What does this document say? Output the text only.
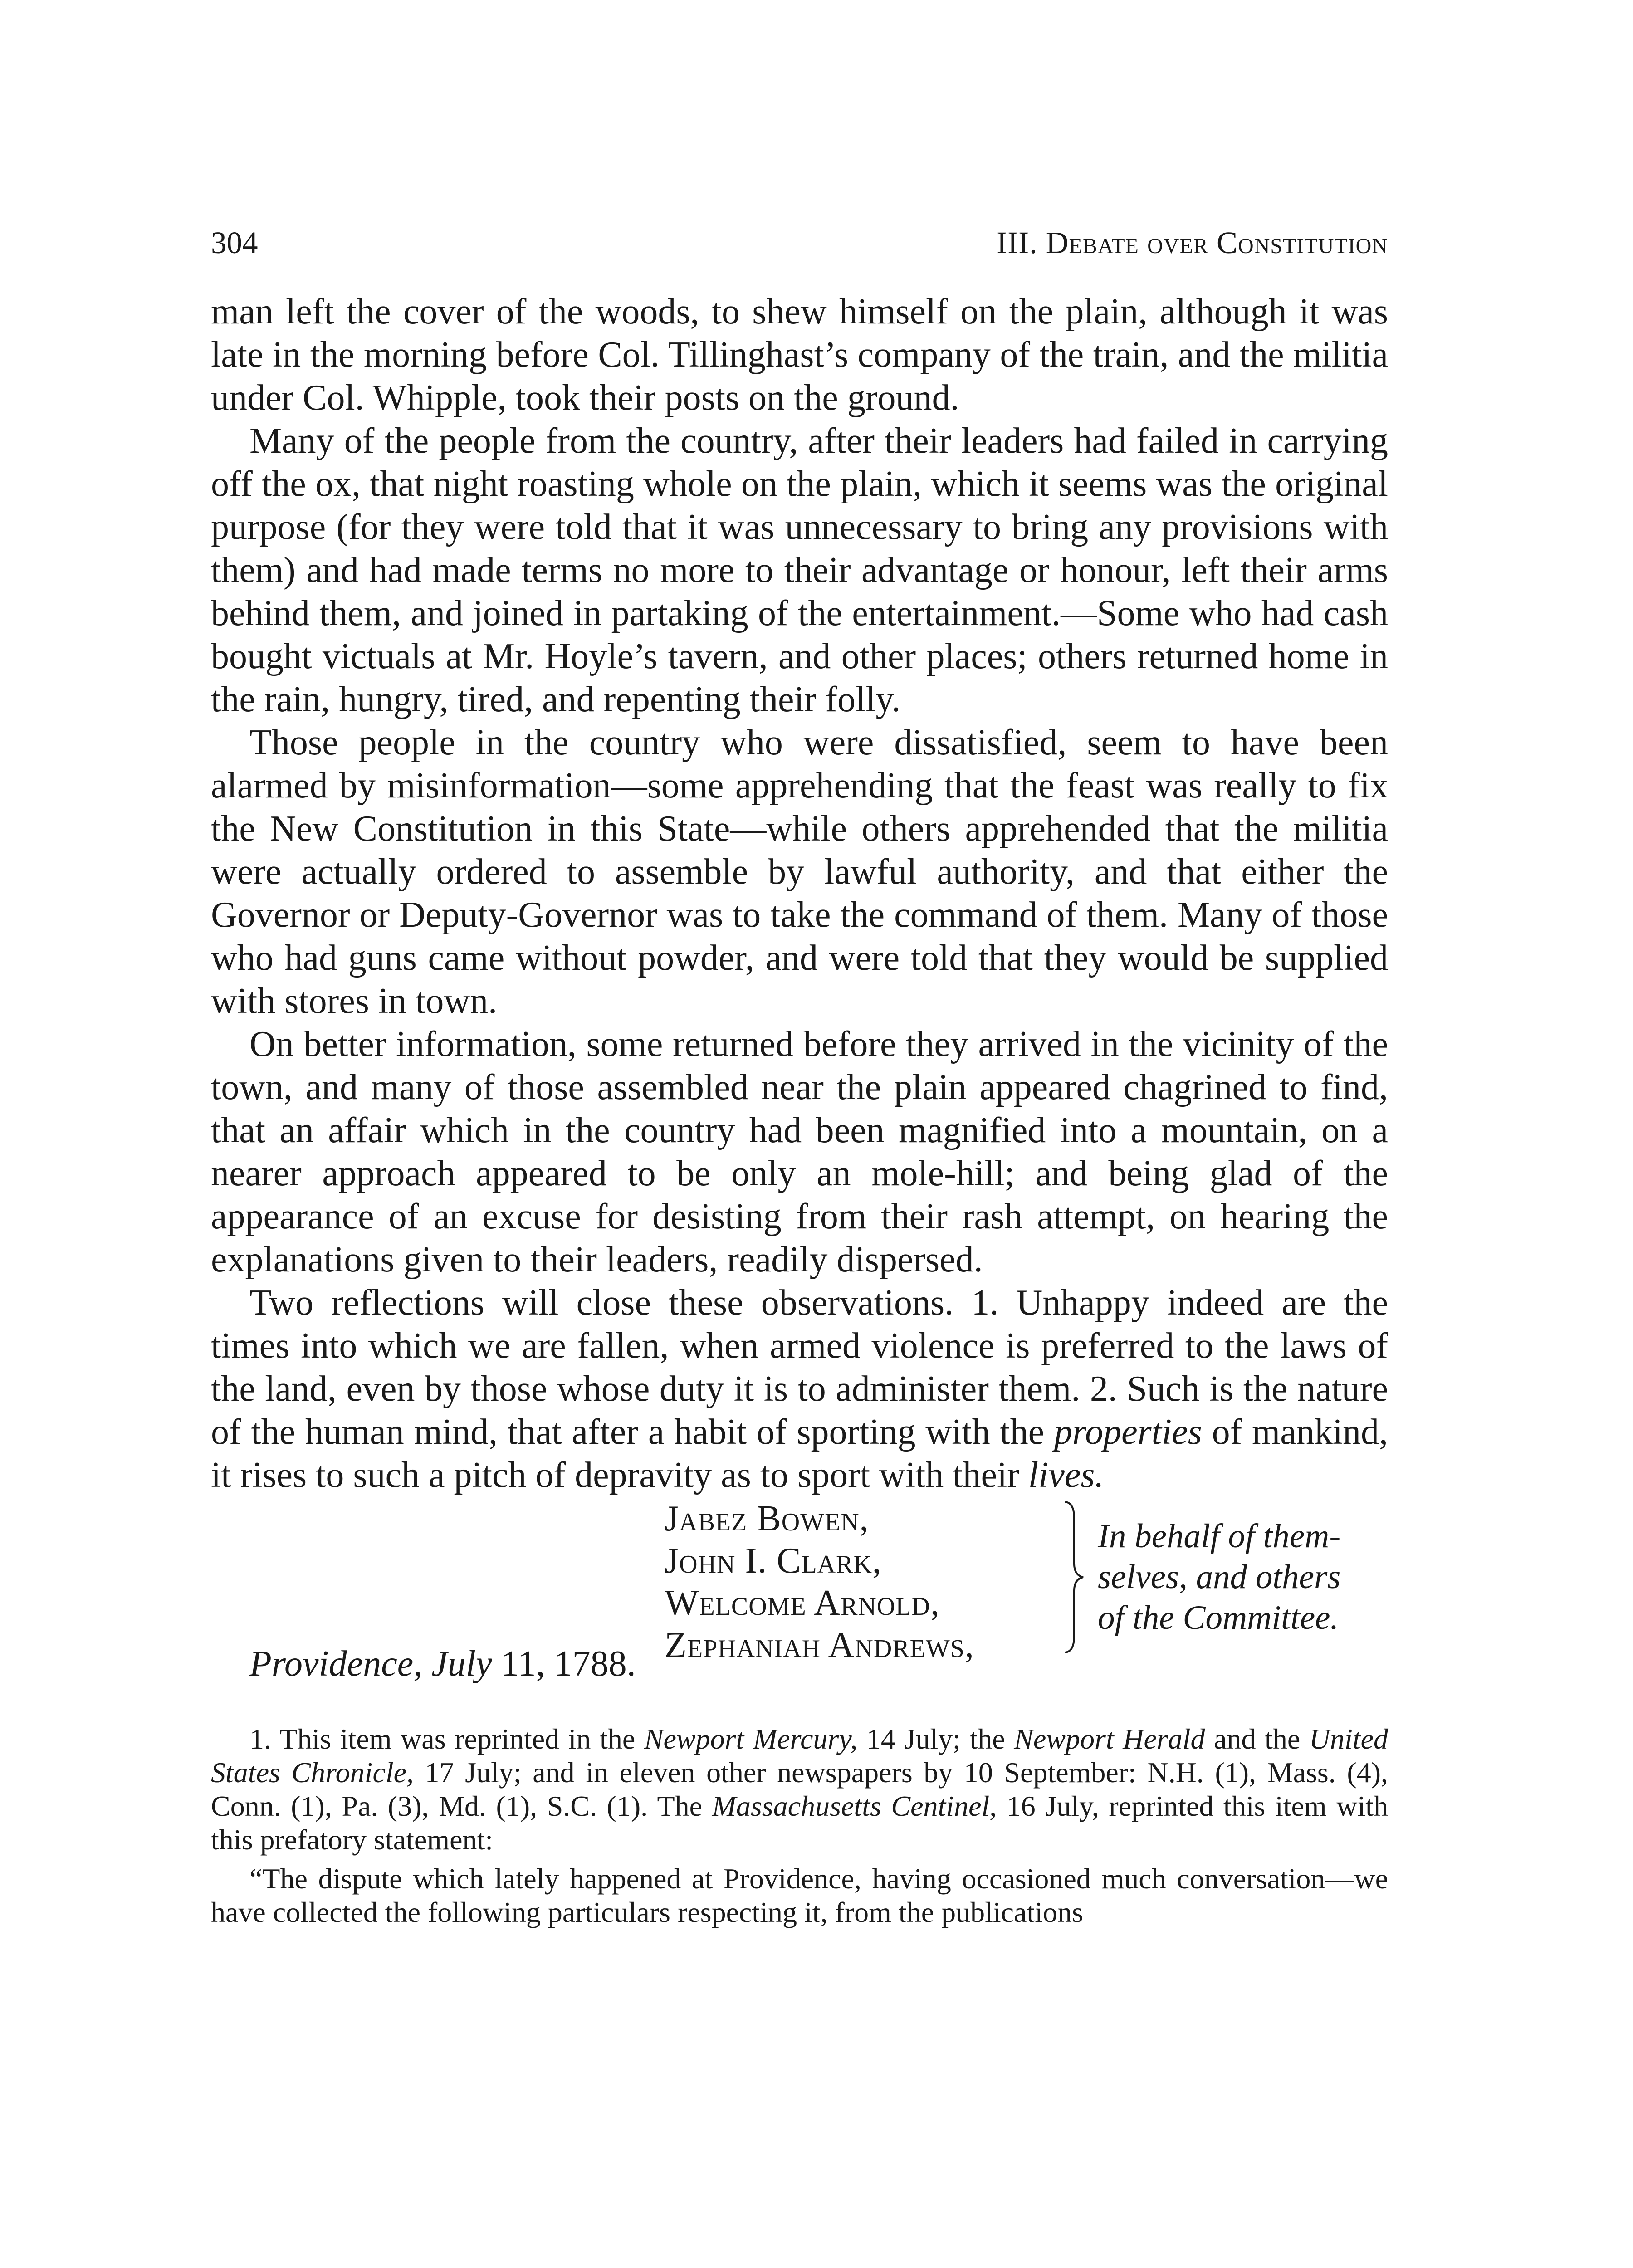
304	III. Debate over Constitution

man left the cover of the woods, to shew himself on the plain, although it was late in the morning before Col. Tillinghast’s company of the train, and the militia under Col. Whipple, took their posts on the ground.

Many of the people from the country, after their leaders had failed in carrying off the ox, that night roasting whole on the plain, which it seems was the original purpose (for they were told that it was unnecessary to bring any provisions with them) and had made terms no more to their advantage or honour, left their arms behind them, and joined in partaking of the entertainment.—Some who had cash bought victuals at Mr. Hoyle’s tavern, and other places; others returned home in the rain, hungry, tired, and repenting their folly.

Those people in the country who were dissatisfied, seem to have been alarmed by misinformation—some apprehending that the feast was really to fix the New Constitution in this State—while others apprehended that the militia were actually ordered to assemble by lawful authority, and that either the Governor or Deputy-Governor was to take the command of them. Many of those who had guns came without powder, and were told that they would be supplied with stores in town.

On better information, some returned before they arrived in the vicinity of the town, and many of those assembled near the plain appeared chagrined to find, that an affair which in the country had been magnified into a mountain, on a nearer approach appeared to be only an mole-hill; and being glad of the appearance of an excuse for desisting from their rash attempt, on hearing the explanations given to their leaders, readily dispersed.

Two reflections will close these observations. 1. Unhappy indeed are the times into which we are fallen, when armed violence is preferred to the laws of the land, even by those whose duty it is to administer them. 2. Such is the nature of the human mind, that after a habit of sporting with the properties of mankind, it rises to such a pitch of depravity as to sport with their lives.

Jabez Bowen,
John I. Clark,
Welcome Arnold,
Zephaniah Andrews,
In behalf of them-
selves, and others
of the Committee.
Providence, July 11, 1788.

1. This item was reprinted in the Newport Mercury, 14 July; the Newport Herald and the United States Chronicle, 17 July; and in eleven other newspapers by 10 September: N.H. (1), Mass. (4), Conn. (1), Pa. (3), Md. (1), S.C. (1). The Massachusetts Centinel, 16 July, reprinted this item with this prefatory statement:

“The dispute which lately happened at Providence, having occasioned much conversation—we have collected the following particulars respecting it, from the publications
